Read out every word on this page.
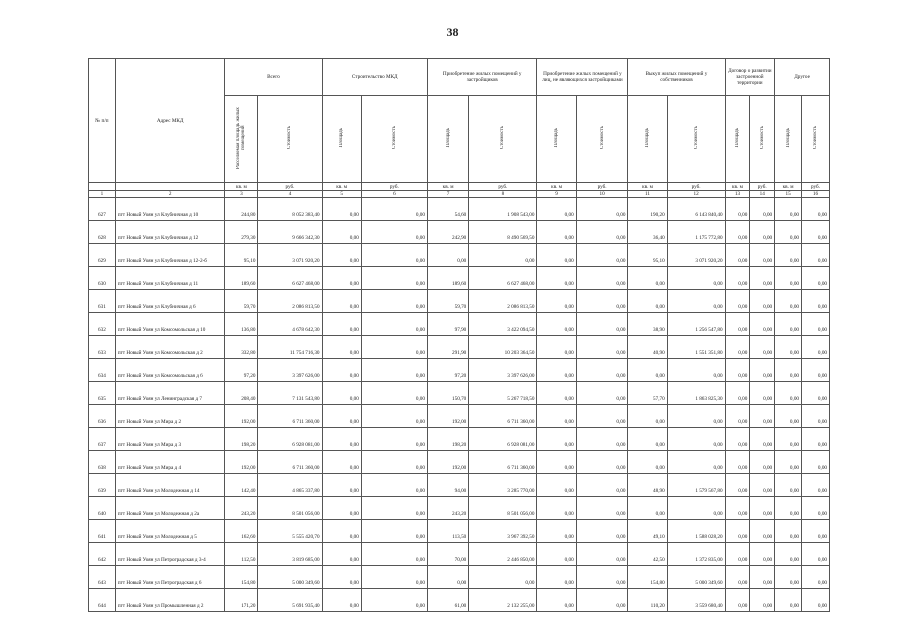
38
№ п/п	Адрес МКД	Всего		Строительство МКД		Приобретение жилых помещений у застройщиков		Приобретение жилых помещений у лиц, не являющихся застройщиками		Выкуп жилых помещений у собственников		Договор о развитии застроенной территории		Другое	
		Расселяемая площадь жилых помещений	Стоимость	Площадь	Стоимость	Площадь	Стоимость	Площадь	Стоимость	Площадь	Стоимость	Площадь	Стоимость	Площадь	Стоимость
		кв. м	руб.	кв. м	руб.	кв. м	руб.	кв. м	руб.	кв. м	руб.	кв. м	руб.	кв. м	руб.
1	2	3	4	5	6	7	8	9	10	11	12	13	14	15	16
627	пгт Новый Уоян ул Клубничная д 10	244,80	8 052 383,40	0,00	0,00	54,60	1 908 543,00	0,00	0,00	190,20	6 143 840,40	0,00	0,00	0,00	0,00
628	пгт Новый Уоян ул Клубничная д 12	279,30	9 666 342,30	0,00	0,00	242,90	8 490 569,50	0,00	0,00	36,40	1 175 772,80	0,00	0,00	0,00	0,00
629	пгт Новый Уоян ул Клубничная д 12-2-б	95,10	3 071 920,20	0,00	0,00	0,00	0,00	0,00	0,00	95,10	3 071 920,20	0,00	0,00	0,00	0,00
630	пгт Новый Уоян ул Клубничная д 11	189,60	6 627 468,00	0,00	0,00	189,60	6 627 468,00	0,00	0,00	0,00	0,00	0,00	0,00	0,00	0,00
631	пгт Новый Уоян ул Клубничная д 6	59,70	2 086 813,50	0,00	0,00	59,70	2 086 813,50	0,00	0,00	0,00	0,00	0,00	0,00	0,00	0,00
632	пгт Новый Уоян ул Комсомольская д 10	136,80	4 678 642,30	0,00	0,00	97,90	3 422 094,50	0,00	0,00	38,90	1 256 547,80	0,00	0,00	0,00	0,00
633	пгт Новый Уоян ул Комсомольская д 2	332,80	11 754 716,30	0,00	0,00	291,90	10 203 364,50	0,00	0,00	40,90	1 551 351,80	0,00	0,00	0,00	0,00
634	пгт Новый Уоян ул Комсомольская д 6	97,20	3 397 626,00	0,00	0,00	97,20	3 397 626,00	0,00	0,00	0,00	0,00	0,00	0,00	0,00	0,00
635	пгт Новый Уоян ул Ленинградская д 7	208,40	7 131 543,80	0,00	0,00	150,70	5 267 718,50	0,00	0,00	57,70	1 863 825,30	0,00	0,00	0,00	0,00
636	пгт Новый Уоян ул Мира д 2	192,00	6 711 360,00	0,00	0,00	192,00	6 711 360,00	0,00	0,00	0,00	0,00	0,00	0,00	0,00	0,00
637	пгт Новый Уоян ул Мира д 3	198,20	6 928 081,00	0,00	0,00	198,20	6 928 081,00	0,00	0,00	0,00	0,00	0,00	0,00	0,00	0,00
638	пгт Новый Уоян ул Мира д 4	192,00	6 711 360,00	0,00	0,00	192,00	6 711 360,00	0,00	0,00	0,00	0,00	0,00	0,00	0,00	0,00
639	пгт Новый Уоян ул Молодежная д 14	142,40	4 865 337,80	0,00	0,00	94,00	3 285 770,00	0,00	0,00	48,90	1 579 567,80	0,00	0,00	0,00	0,00
640	пгт Новый Уоян ул Молодежная д 2а	243,20	8 501 056,00	0,00	0,00	243,20	8 501 056,00	0,00	0,00	0,00	0,00	0,00	0,00	0,00	0,00
641	пгт Новый Уоян ул Молодежная д 5	162,60	5 555 420,70	0,00	0,00	113,50	3 967 392,50	0,00	0,00	49,10	1 588 028,20	0,00	0,00	0,00	0,00
642	пгт Новый Уоян ул Петроградская д 3-4	112,50	3 819 685,00	0,00	0,00	70,00	2 446 850,00	0,00	0,00	42,50	1 372 835,00	0,00	0,00	0,00	0,00
643	пгт Новый Уоян ул Петроградская д 6	154,80	5 000 349,60	0,00	0,00	0,00	0,00	0,00	0,00	154,80	5 000 349,60	0,00	0,00	0,00	0,00
644	пгт Новый Уоян ул Промышленная д 2	171,20	5 691 935,40	0,00	0,00	61,00	2 132 255,00	0,00	0,00	110,20	3 559 680,40	0,00	0,00	0,00	0,00
